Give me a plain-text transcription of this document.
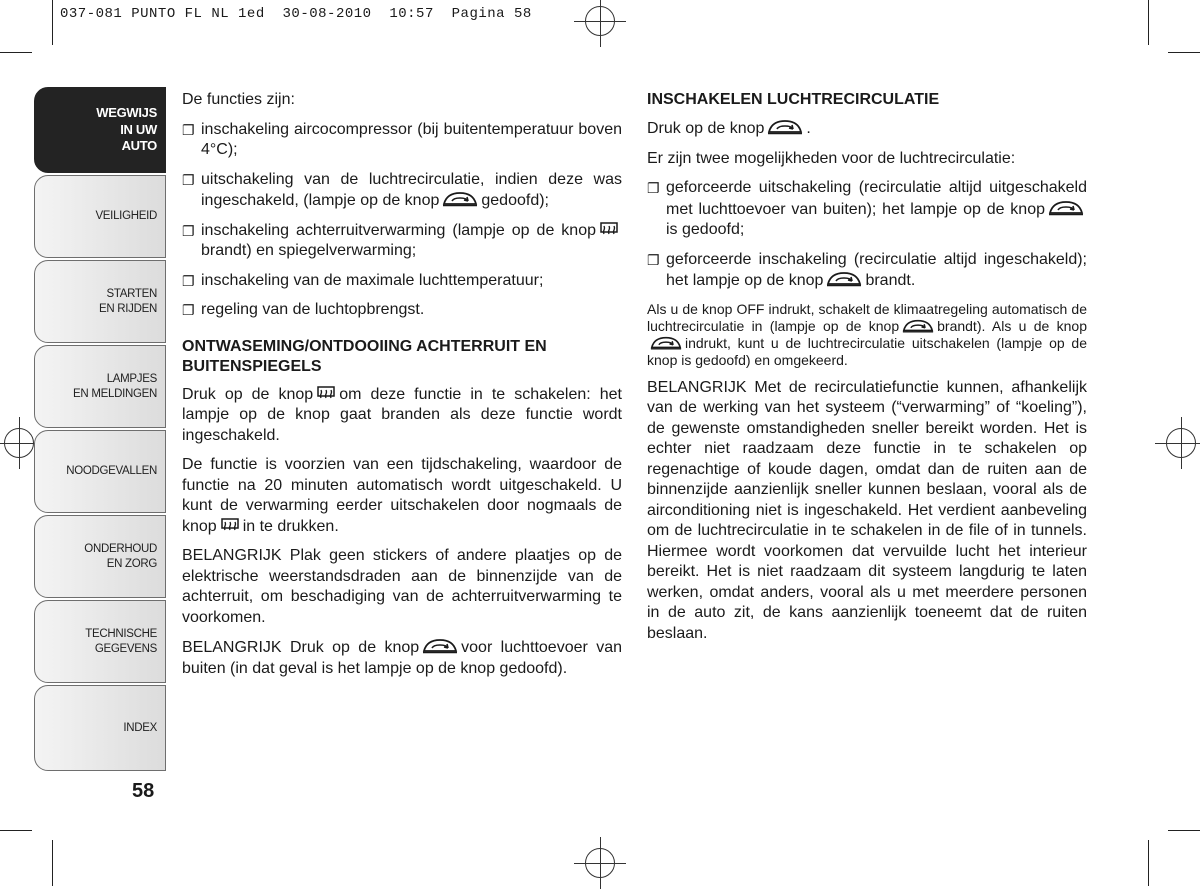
037-081 PUNTO FL NL 1ed  30-08-2010  10:57  Pagina 58
WEGWIJS
IN UW
AUTO
VEILIGHEID
STARTEN
EN RIJDEN
LAMPJES
EN MELDINGEN
NOODGEVALLEN
ONDERHOUD
EN ZORG
TECHNISCHE
GEGEVENS
INDEX
58

De functies zijn:

❐ inschakeling aircocompressor (bij buitentemperatuur boven 4°C);
❐ uitschakeling van de luchtrecirculatie, indien deze was ingeschakeld, (lampje op de knop	gedoofd);
❐ inschakeling achterruitverwarming (lampje op de knopbrandt) en spiegelverwarming;
❐ inschakeling van de maximale luchttemperatuur;
❐ regeling van de luchtopbrengst.
ONTWASEMING/ONTDOOIING ACHTERRUIT EN BUITENSPIEGELS

Druk op de knop om deze functie in te schakelen: het lampje op de knop gaat branden als deze functie wordt ingeschakeld.

De functie is voorzien van een tijdschakeling, waardoor de functie na 20 minuten automatisch wordt uitgeschakeld. U kunt de verwarming eerder uitschakelen door nogmaals de knop in te drukken.

BELANGRIJK Plak geen stickers of andere plaatjes op de elektrische weerstandsdraden aan de binnenzijde van de achterruit, om beschadiging van de achterruitverwarming te voorkomen.

BELANGRIJK Druk op de knop	voor luchttoevoer van buiten (in dat geval is het lampje op de knop gedoofd).

INSCHAKELEN LUCHTRECIRCULATIE

Druk op de knop	.

Er zijn twee mogelijkheden voor de luchtrecirculatie:

❐ geforceerde uitschakeling (recirculatie altijd uitgeschakeld met luchttoevoer van buiten); het lampje op de knopis gedoofd;
❐ geforceerde inschakeling (recirculatie altijd ingeschakeld); het lampje op de knop	brandt.

Als u de knop OFF indrukt, schakelt de klimaatregeling automatisch de luchtrecirculatie in (lampje op de knop	brandt). Als u de knopindrukt, kunt u de luchtrecirculatie uitschakelen (lampje op de knop is gedoofd) en omgekeerd.

BELANGRIJK Met de recirculatiefunctie kunnen, afhankelijk van de werking van het systeem (“verwarming” of “koeling”), de gewenste omstandigheden sneller bereikt worden. Het is echter niet raadzaam deze functie in te schakelen op regenachtige of koude dagen, omdat dan de ruiten aan de binnenzijde aanzienlijk sneller kunnen beslaan, vooral als de airconditioning niet is ingeschakeld. Het verdient aanbeveling om de luchtrecirculatie in te schakelen in de file of in tunnels. Hiermee wordt voorkomen dat vervuilde lucht het interieur bereikt. Het is niet raadzaam dit systeem langdurig te laten werken, omdat anders, vooral als u met meerdere personen in de auto zit, de kans aanzienlijk toeneemt dat de ruiten beslaan.
